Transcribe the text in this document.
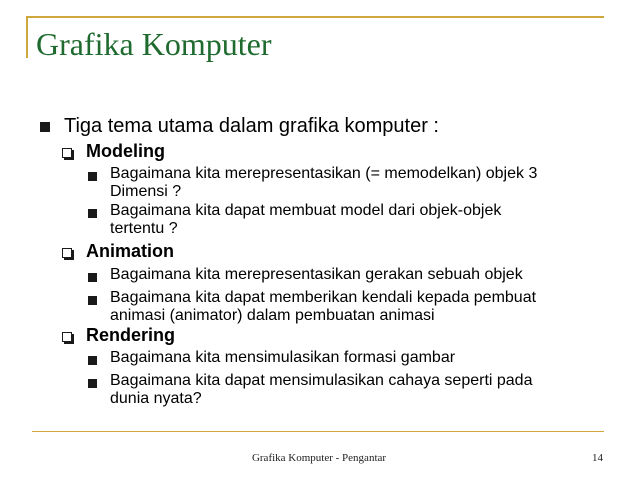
Grafika Komputer
Tiga tema utama dalam grafika komputer :
Modeling
Bagaimana kita merepresentasikan (= memodelkan) objek 3
Dimensi ?
Bagaimana kita dapat membuat model dari objek-objek
tertentu ?
Animation
Bagaimana kita merepresentasikan gerakan sebuah objek
Bagaimana kita dapat memberikan kendali kepada pembuat
animasi (animator) dalam pembuatan animasi
Rendering
Bagaimana kita mensimulasikan formasi gambar
Bagaimana kita dapat mensimulasikan cahaya seperti pada
dunia nyata?
Grafika Komputer - Pengantar	14
